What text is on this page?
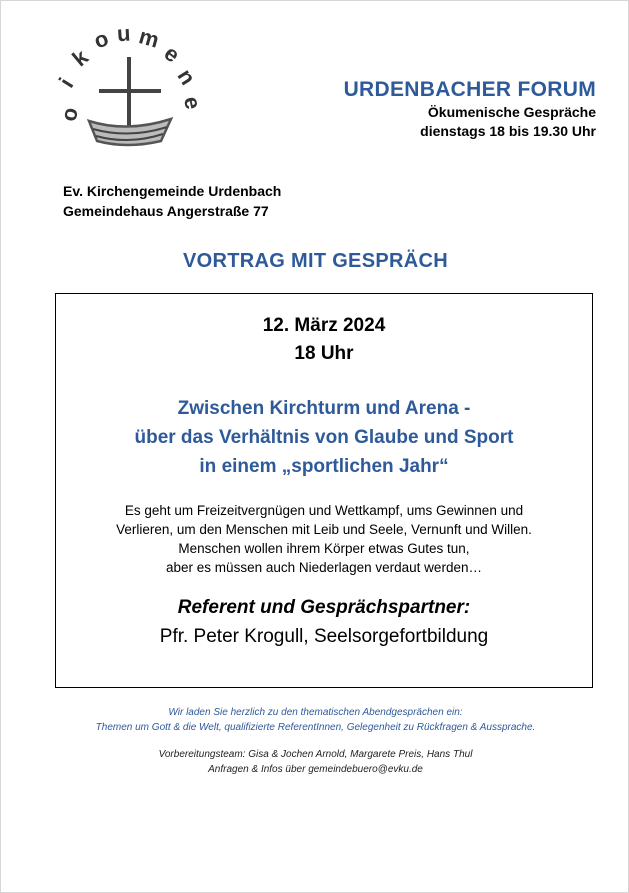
o
i
k
o u m
e
n
e
URDENBACHER FORUM
Ökumenische Gespräche
dienstags 18 bis 19.30 Uhr
Ev. Kirchengemeinde Urdenbach
Gemeindehaus Angerstraße 77
VORTRAG MIT GESPRÄCH
12. März 2024
18 Uhr
Zwischen Kirchturm und Arena -
über das Verhältnis von Glaube und Sport
in einem „sportlichen Jahr“
Es geht um Freizeitvergnügen und Wettkampf, ums Gewinnen und
Verlieren, um den Menschen mit Leib und Seele, Vernunft und Willen.
Menschen wollen ihrem Körper etwas Gutes tun,
aber es müssen auch Niederlagen verdaut werden…
Referent und Gesprächspartner:
Pfr. Peter Krogull, Seelsorgefortbildung
Wir laden Sie herzlich zu den thematischen Abendgesprächen ein:
Themen um Gott & die Welt, qualifizierte ReferentInnen, Gelegenheit zu Rückfragen & Aussprache.
Vorbereitungsteam: Gisa & Jochen Arnold, Margarete Preis, Hans Thul
Anfragen & Infos über gemeindebuero@evku.de
